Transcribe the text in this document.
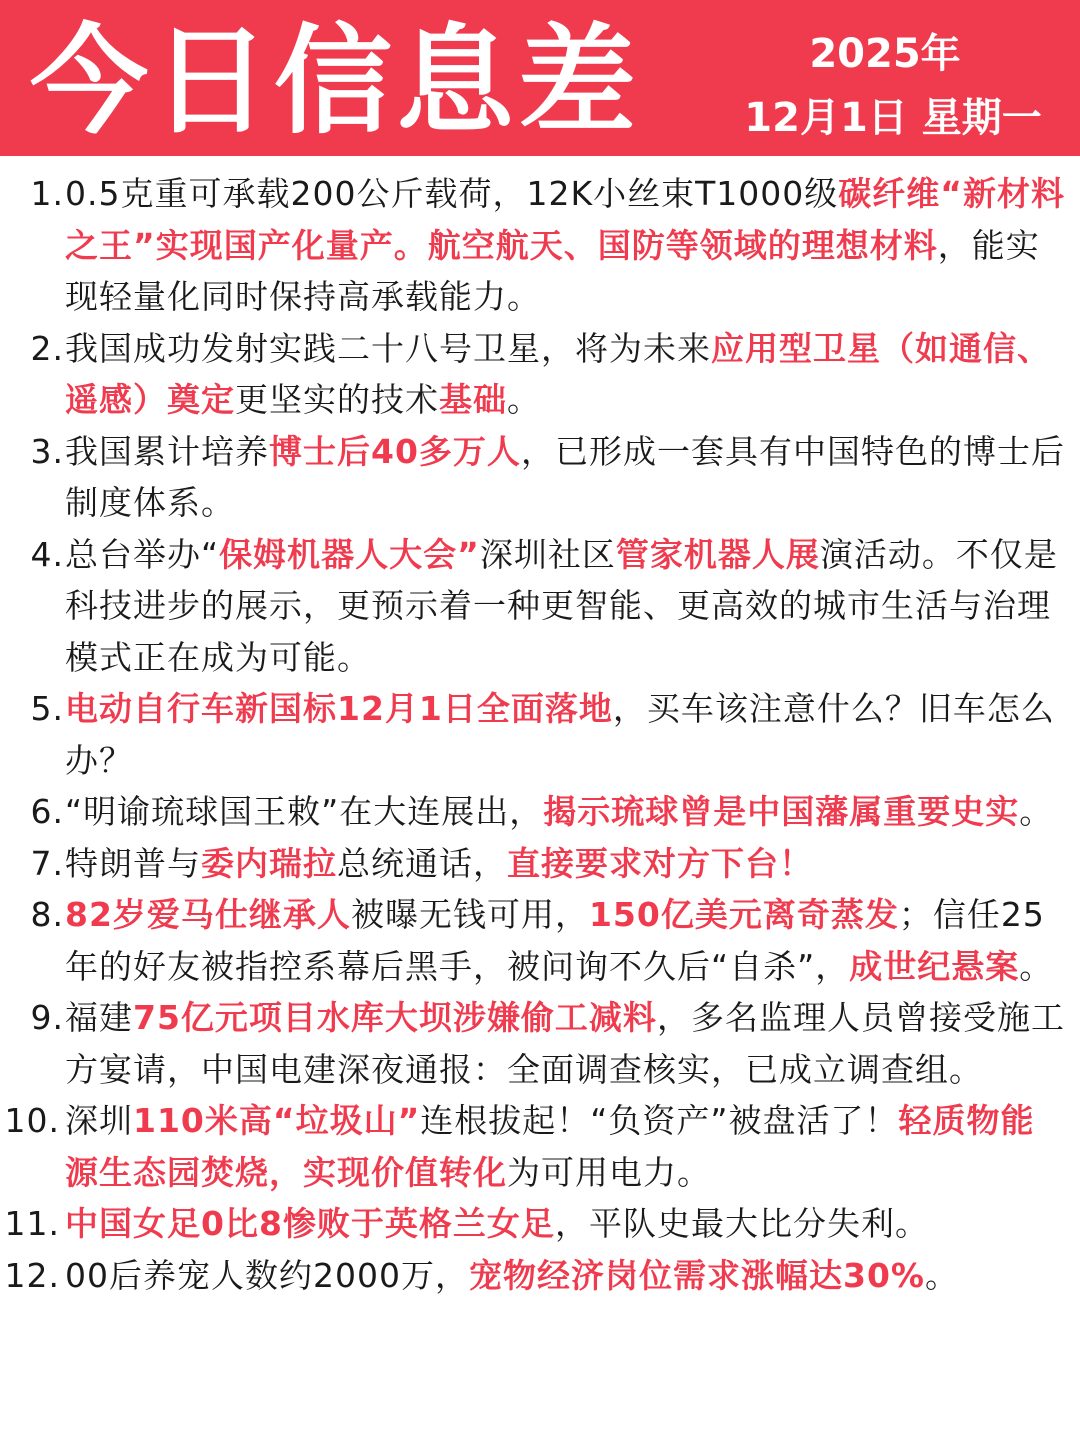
今日信息差	2025年
12月1日 星期一
1. 0.5克重可承载200公斤载荷，12K小丝束T1000级碳纤维“新材料之王”实现国产化量产。航空航天、国防等领域的理想材料，能实现轻量化同时保持高承载能力。
2. 我国成功发射实践二十八号卫星，将为未来应用型卫星（如通信、遥感）奠定更坚实的技术基础。
3. 我国累计培养博士后40多万人，已形成一套具有中国特色的博士后制度体系。
4. 总台举办“保姆机器人大会”深圳社区管家机器人展演活动。不仅是科技进步的展示，更预示着一种更智能、更高效的城市生活与治理模式正在成为可能。
5. 电动自行车新国标12月1日全面落地，买车该注意什么？旧车怎么办？
6. “明谕琉球国王敕”在大连展出，揭示琉球曾是中国藩属重要史实。
7. 特朗普与委内瑞拉总统通话，直接要求对方下台！
8. 82岁爱马仕继承人被曝无钱可用，150亿美元离奇蒸发；信任25年的好友被指控系幕后黑手，被问询不久后“自杀”，成世纪悬案。
9. 福建75亿元项目水库大坝涉嫌偷工减料，多名监理人员曾接受施工方宴请，中国电建深夜通报：全面调查核实，已成立调查组。
10. 深圳110米高“垃圾山”连根拔起！“负资产”被盘活了！轻质物能源生态园焚烧，实现价值转化为可用电力。
11. 中国女足0比8惨败于英格兰女足，平队史最大比分失利。
12. 00后养宠人数约2000万，宠物经济岗位需求涨幅达30%。
